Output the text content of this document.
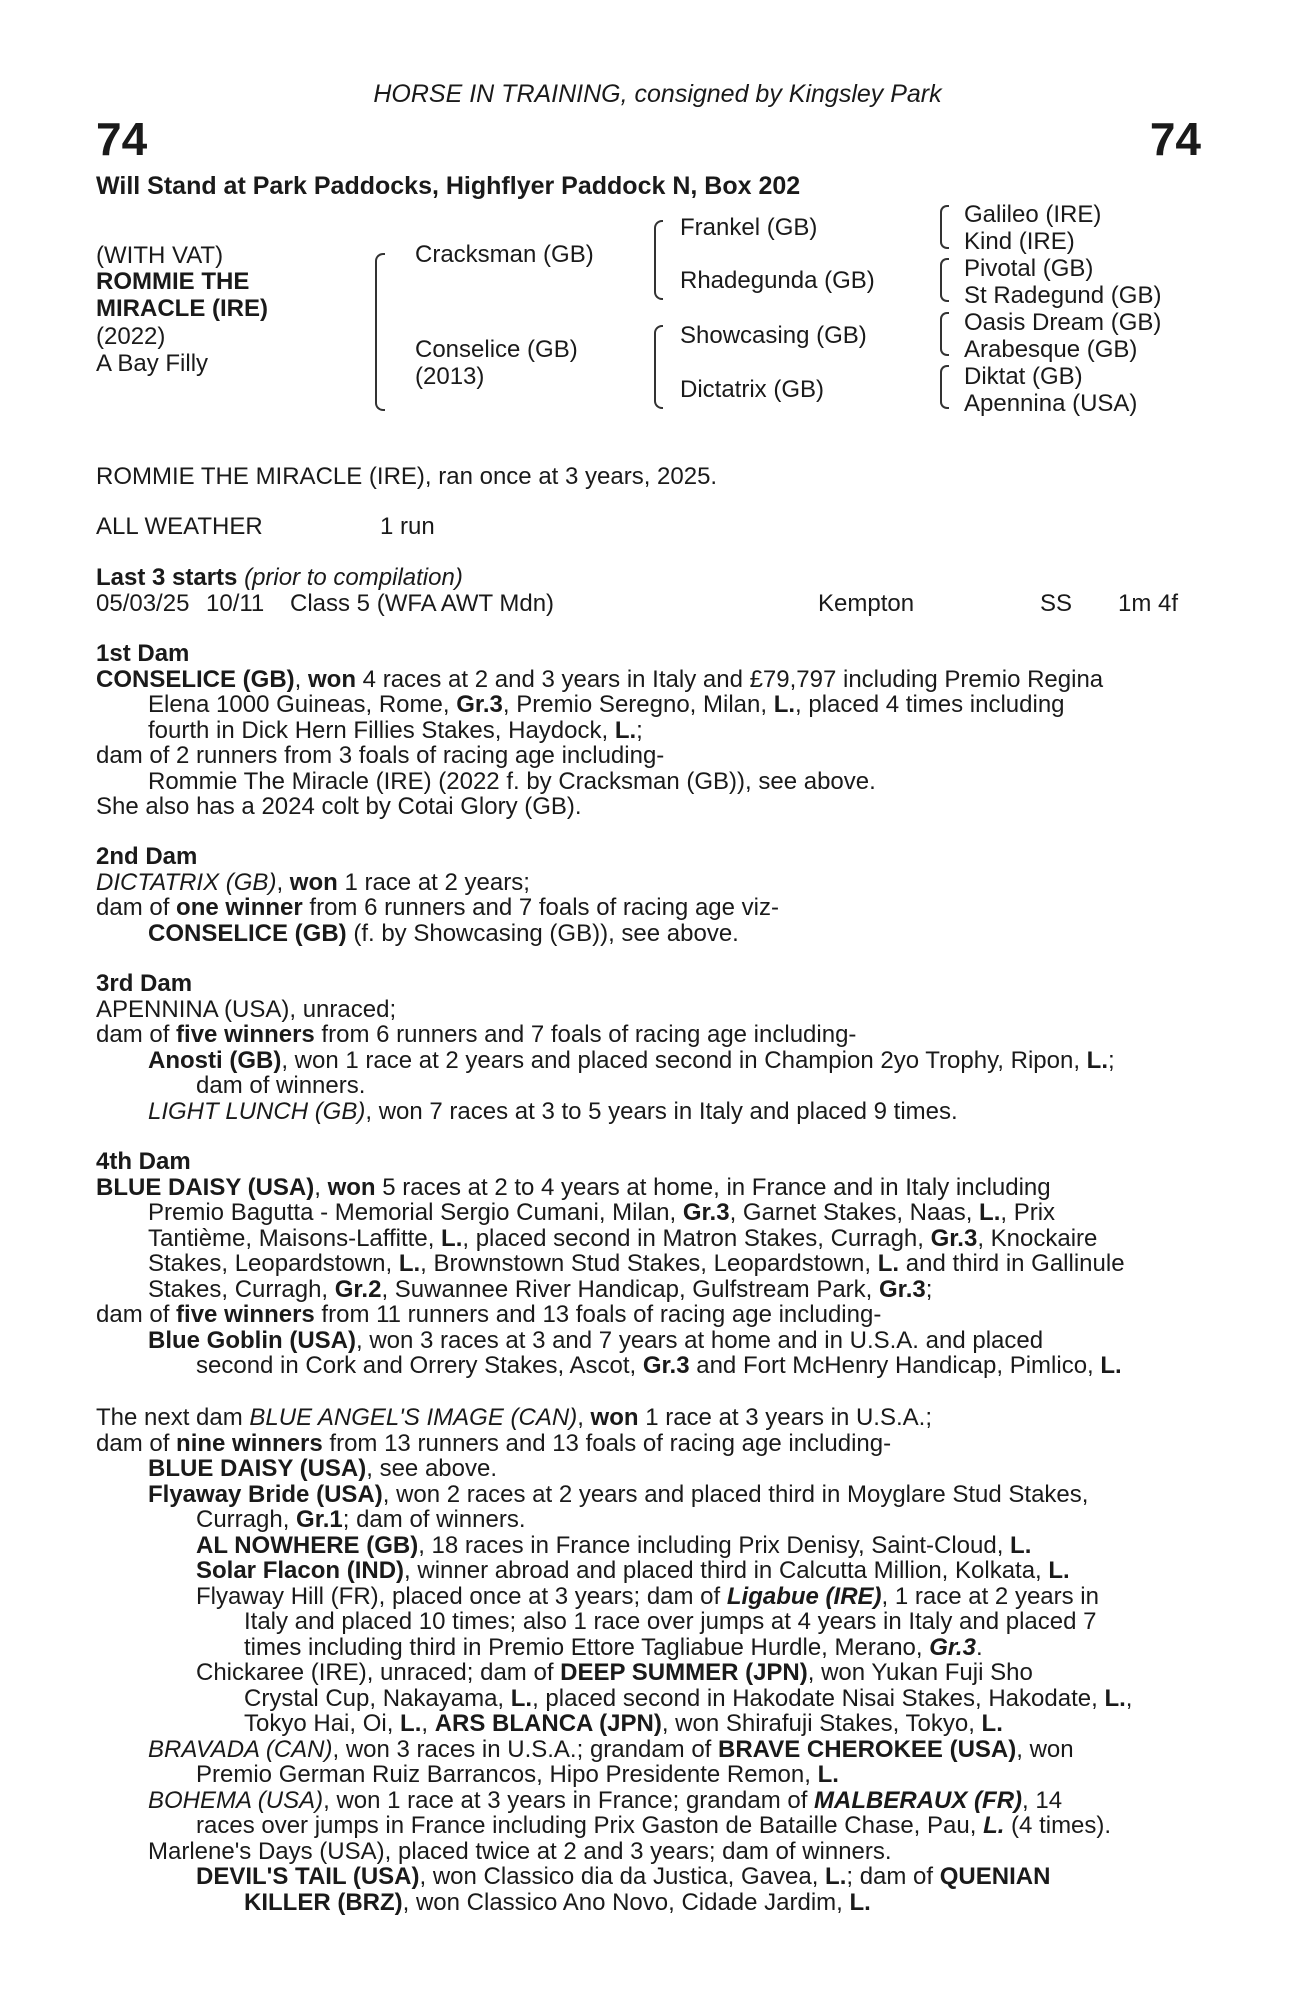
HORSE IN TRAINING, consigned by Kingsley Park
74	74
Will Stand at Park Paddocks, Highflyer Paddock N, Box 202
(WITH VAT)
ROMMIE THE
MIRACLE (IRE)
(2022)
A Bay Filly
Cracksman (GB)
Conselice (GB)
(2013)
Frankel (GB)
Rhadegunda (GB)
Showcasing (GB)
Dictatrix (GB)
Galileo (IRE)
Kind (IRE)
Pivotal (GB)
St Radegund (GB)
Oasis Dream (GB)
Arabesque (GB)
Diktat (GB)
Apennina (USA)
ROMMIE THE MIRACLE (IRE), ran once at 3 years, 2025.
ALL WEATHER	1 run
Last 3 starts (prior to compilation)
05/03/25 10/11 Class 5 (WFA AWT Mdn)	Kempton	SS 1m 4f
1st Dam
CONSELICE (GB), won 4 races at 2 and 3 years in Italy and £79,797 including Premio Regina
Elena 1000 Guineas, Rome, Gr.3, Premio Seregno, Milan, L., placed 4 times including
fourth in Dick Hern Fillies Stakes, Haydock, L.;
dam of 2 runners from 3 foals of racing age including-
Rommie The Miracle (IRE) (2022 f. by Cracksman (GB)), see above.
She also has a 2024 colt by Cotai Glory (GB).
2nd Dam
DICTATRIX (GB), won 1 race at 2 years;
dam of one winner from 6 runners and 7 foals of racing age viz-
CONSELICE (GB) (f. by Showcasing (GB)), see above.
3rd Dam
APENNINA (USA), unraced;
dam of five winners from 6 runners and 7 foals of racing age including-
Anosti (GB), won 1 race at 2 years and placed second in Champion 2yo Trophy, Ripon, L.;
dam of winners.
LIGHT LUNCH (GB), won 7 races at 3 to 5 years in Italy and placed 9 times.
4th Dam
BLUE DAISY (USA), won 5 races at 2 to 4 years at home, in France and in Italy including
Premio Bagutta - Memorial Sergio Cumani, Milan, Gr.3, Garnet Stakes, Naas, L., Prix
Tantième, Maisons-Laffitte, L., placed second in Matron Stakes, Curragh, Gr.3, Knockaire
Stakes, Leopardstown, L., Brownstown Stud Stakes, Leopardstown, L. and third in Gallinule
Stakes, Curragh, Gr.2, Suwannee River Handicap, Gulfstream Park, Gr.3;
dam of five winners from 11 runners and 13 foals of racing age including-
Blue Goblin (USA), won 3 races at 3 and 7 years at home and in U.S.A. and placed
second in Cork and Orrery Stakes, Ascot, Gr.3 and Fort McHenry Handicap, Pimlico, L.
The next dam BLUE ANGEL'S IMAGE (CAN), won 1 race at 3 years in U.S.A.;
dam of nine winners from 13 runners and 13 foals of racing age including-
BLUE DAISY (USA), see above.
Flyaway Bride (USA), won 2 races at 2 years and placed third in Moyglare Stud Stakes,
Curragh, Gr.1; dam of winners.
AL NOWHERE (GB), 18 races in France including Prix Denisy, Saint-Cloud, L.
Solar Flacon (IND), winner abroad and placed third in Calcutta Million, Kolkata, L.
Flyaway Hill (FR), placed once at 3 years; dam of Ligabue (IRE), 1 race at 2 years in
Italy and placed 10 times; also 1 race over jumps at 4 years in Italy and placed 7
times including third in Premio Ettore Tagliabue Hurdle, Merano, Gr.3.
Chickaree (IRE), unraced; dam of DEEP SUMMER (JPN), won Yukan Fuji Sho
Crystal Cup, Nakayama, L., placed second in Hakodate Nisai Stakes, Hakodate, L.,
Tokyo Hai, Oi, L., ARS BLANCA (JPN), won Shirafuji Stakes, Tokyo, L.
BRAVADA (CAN), won 3 races in U.S.A.; grandam of BRAVE CHEROKEE (USA), won
Premio German Ruiz Barrancos, Hipo Presidente Remon, L.
BOHEMA (USA), won 1 race at 3 years in France; grandam of MALBERAUX (FR), 14
races over jumps in France including Prix Gaston de Bataille Chase, Pau, L. (4 times).
Marlene's Days (USA), placed twice at 2 and 3 years; dam of winners.
DEVIL'S TAIL (USA), won Classico dia da Justica, Gavea, L.; dam of QUENIAN
KILLER (BRZ), won Classico Ano Novo, Cidade Jardim, L.
